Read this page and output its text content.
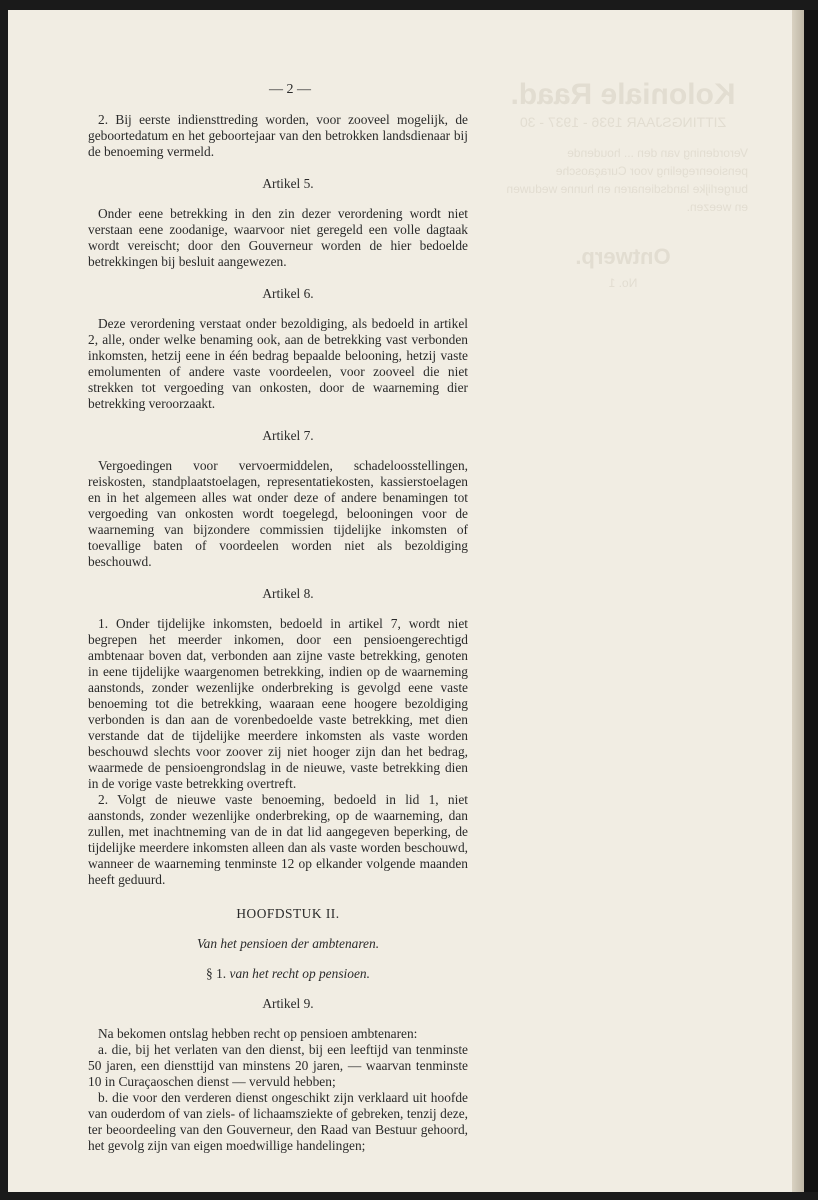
Koloniale Raad.
ZITTINGSJAAR 1936 - 1937 - 30
Verordening van den ... houdende pensioenregeling voor Curaçaosche burgerlijke landsdienaren en hunne weduwen en weezen.
Ontwerp.
No. 1
— 2 —

2. Bij eerste indiensttreding worden, voor zooveel mogelijk, de geboortedatum en het geboortejaar van den betrokken landsdienaar bij de benoeming vermeld.

Artikel 5.

Onder eene betrekking in den zin dezer verordening wordt niet verstaan eene zoodanige, waarvoor niet geregeld een volle dagtaak wordt vereischt; door den Gouverneur worden de hier bedoelde betrekkingen bij besluit aangewezen.

Artikel 6.

Deze verordening verstaat onder bezoldiging, als bedoeld in artikel 2, alle, onder welke benaming ook, aan de betrekking vast verbonden inkomsten, hetzij eene in één bedrag bepaalde belooning, hetzij vaste emolumenten of andere vaste voordeelen, voor zooveel die niet strekken tot vergoeding van onkosten, door de waarneming dier betrekking veroorzaakt.

Artikel 7.

Vergoedingen voor vervoermiddelen, schadeloosstellingen, reiskosten, standplaatstoelagen, representatiekosten, kassierstoelagen en in het algemeen alles wat onder deze of andere benamingen tot vergoeding van onkosten wordt toegelegd, belooningen voor de waarneming van bijzondere commissien tijdelijke inkomsten of toevallige baten of voordeelen worden niet als bezoldiging beschouwd.

Artikel 8.

1. Onder tijdelijke inkomsten, bedoeld in artikel 7, wordt niet begrepen het meerder inkomen, door een pensioengerechtigd ambtenaar boven dat, verbonden aan zijne vaste betrekking, genoten in eene tijdelijke waargenomen betrekking, indien op de waarneming aanstonds, zonder wezenlijke onderbreking is gevolgd eene vaste benoeming tot die betrekking, waaraan eene hoogere bezoldiging verbonden is dan aan de vorenbedoelde vaste betrekking, met dien verstande dat de tijdelijke meerdere inkomsten als vaste worden beschouwd slechts voor zoover zij niet hooger zijn dan het bedrag, waarmede de pensioengrondslag in de nieuwe, vaste betrekking dien in de vorige vaste betrekking overtreft.

2. Volgt de nieuwe vaste benoeming, bedoeld in lid 1, niet aanstonds, zonder wezenlijke onderbreking, op de waarneming, dan zullen, met inachtneming van de in dat lid aangegeven beperking, de tijdelijke meerdere inkomsten alleen dan als vaste worden beschouwd, wanneer de waarneming tenminste 12 op elkander volgende maanden heeft geduurd.

HOOFDSTUK II.
Van het pensioen der ambtenaren.
§ 1. van het recht op pensioen.
Artikel 9.

Na bekomen ontslag hebben recht op pensioen ambtenaren:

a. die, bij het verlaten van den dienst, bij een leeftijd van tenminste 50 jaren, een diensttijd van minstens 20 jaren, — waarvan tenminste 10 in Curaçaoschen dienst — vervuld hebben;

b. die voor den verderen dienst ongeschikt zijn verklaard uit hoofde van ouderdom of van ziels- of lichaamsziekte of gebreken, tenzij deze, ter beoordeeling van den Gouverneur, den Raad van Bestuur gehoord, het gevolg zijn van eigen moedwillige handelingen;
